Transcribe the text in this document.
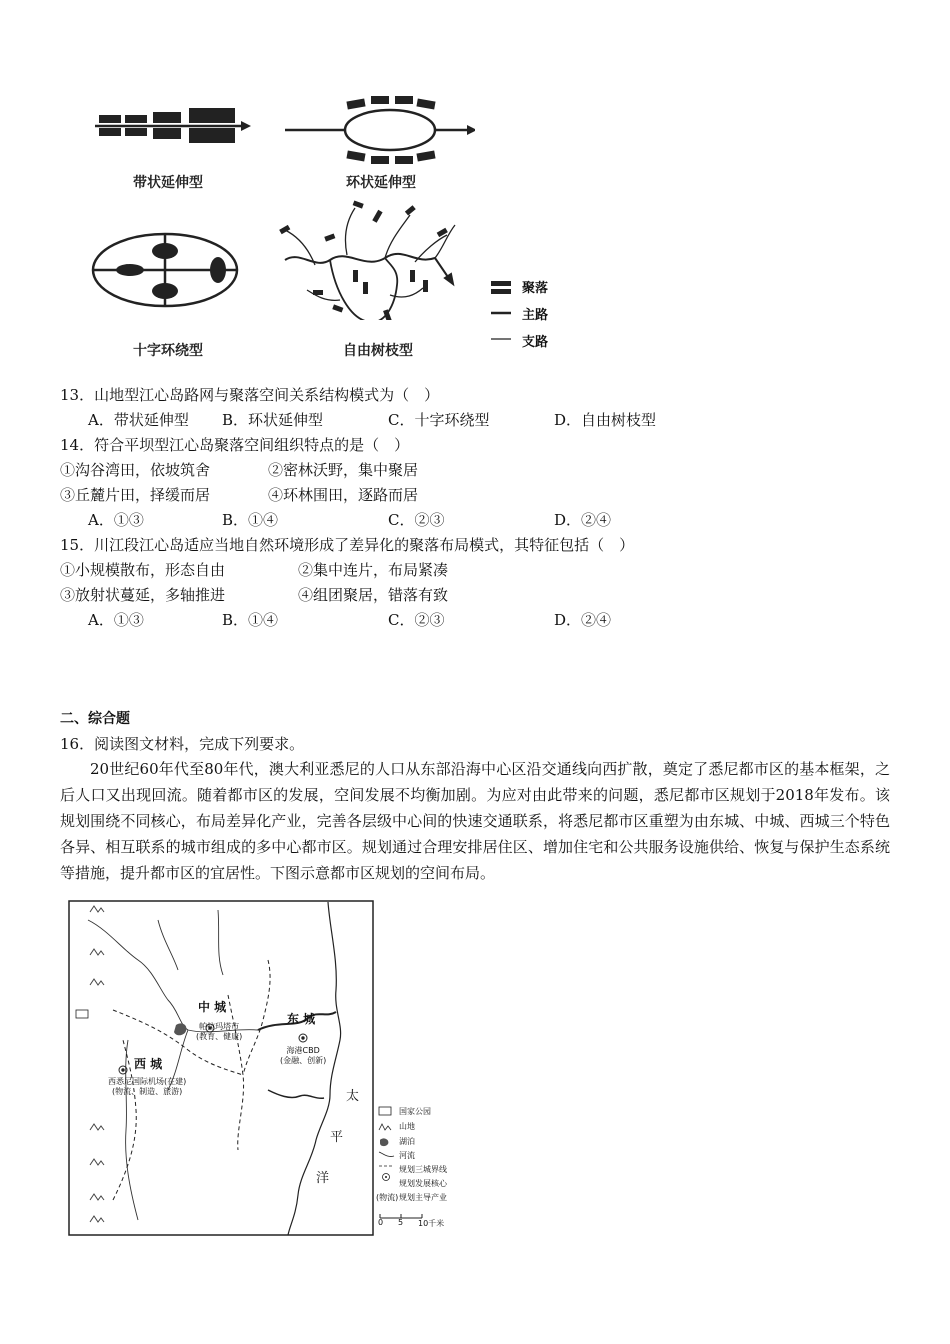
带状延伸型	环状延伸型
十字环绕型	自由树枝型
聚落
主路
支路
13．山地型江心岛路网与聚落空间关系结构模式为（　）
A．带状延伸型 B．环状延伸型	C．十字环绕型	D．自由树枝型
14．符合平坝型江心岛聚落空间组织特点的是（　）
①沟谷湾田，依坡筑舍	②密林沃野，集中聚居
③丘麓片田，择缓而居	④环林围田，逐路而居
A．①③	B．①④	C．②③	D．②④
15．川江段江心岛适应当地自然环境形成了差异化的聚落布局模式，其特征包括（　）
①小规模散布，形态自由	②集中连片，布局紧凑
③放射状蔓延，多轴推进	④组团聚居，错落有致
A．①③	B．①④	C．②③	D．②④
二、综合题
16．阅读图文材料，完成下列要求。
20世纪60年代至80年代，澳大利亚悉尼的人口从东部沿海中心区沿交通线向西扩散，奠定了悉尼都市区的基本框架，之后人口又出现回流。随着都市区的发展，空间发展不均衡加剧。为应对由此带来的问题，悉尼都市区规划于2018年发布。该规划围绕不同核心，布局差异化产业，完善各层级中心间的快速交通联系，将悉尼都市区重塑为由东城、中城、西城三个特色各异、相互联系的城市组成的多中心都市区。规划通过合理安排居住区、增加住宅和公共服务设施供给、恢复与保护生态系统等措施，提升都市区的宜居性。下图示意都市区规划的空间布局。
中 城
东 城
西 城
帕拉玛塔市
(教育、健康)
海港CBD
(金融、创新)
西悉尼国际机场(在建)
(物流、制造、旅游)	太
平
洋
国家公园
山地
湖泊
河流
规划三城界线
规划发展核心
(物流) 规划主导产业
0 5 10千米
